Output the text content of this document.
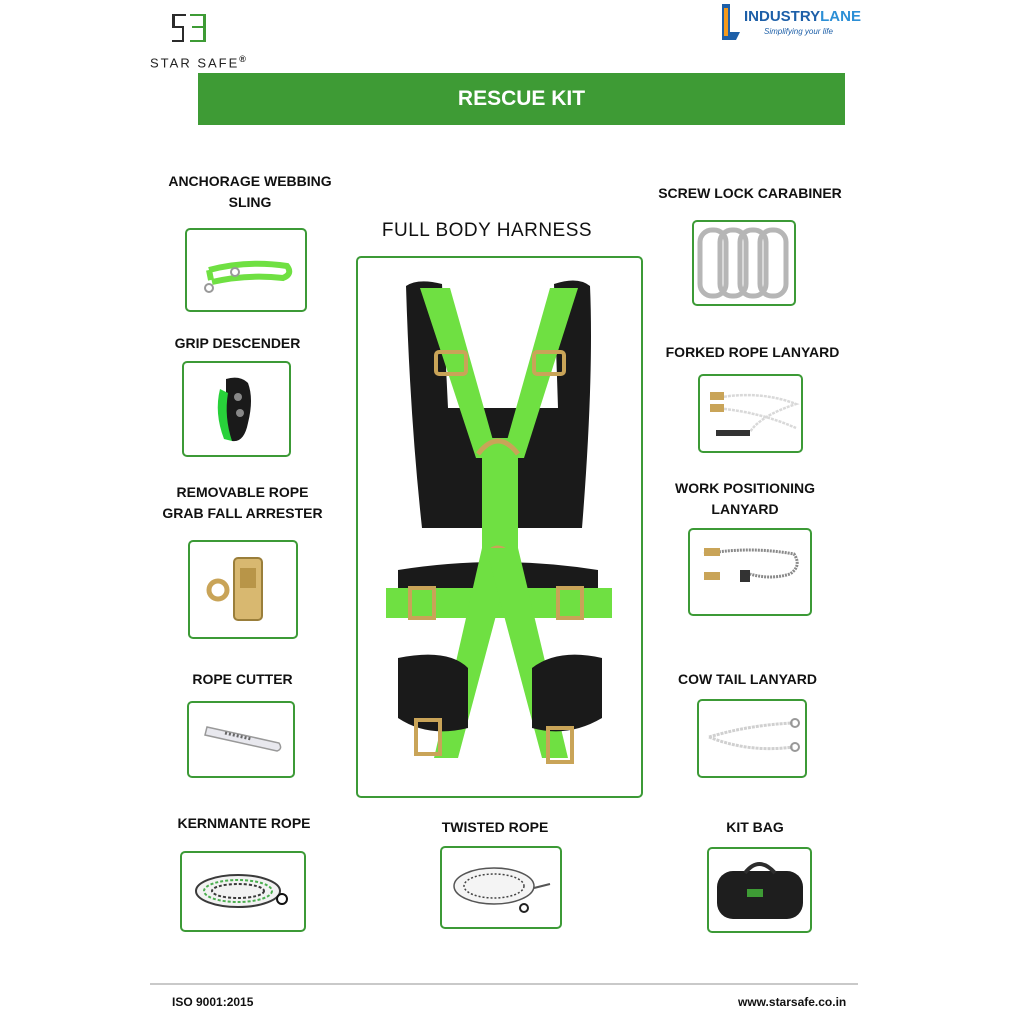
STAR SAFE®
INDUSTRYLANE
Simplifying your life
RESCUE KIT
FULL BODY HARNESS
ANCHORAGE WEBBING
SLING
GRIP DESCENDER
REMOVABLE ROPE
GRAB FALL ARRESTER
ROPE CUTTER
KERNMANTE ROPE	TWISTED ROPE
SCREW LOCK CARABINER
FORKED ROPE LANYARD
WORK POSITIONING
LANYARD
COW TAIL LANYARD
KIT BAG
ISO 9001:2015	www.starsafe.co.in
